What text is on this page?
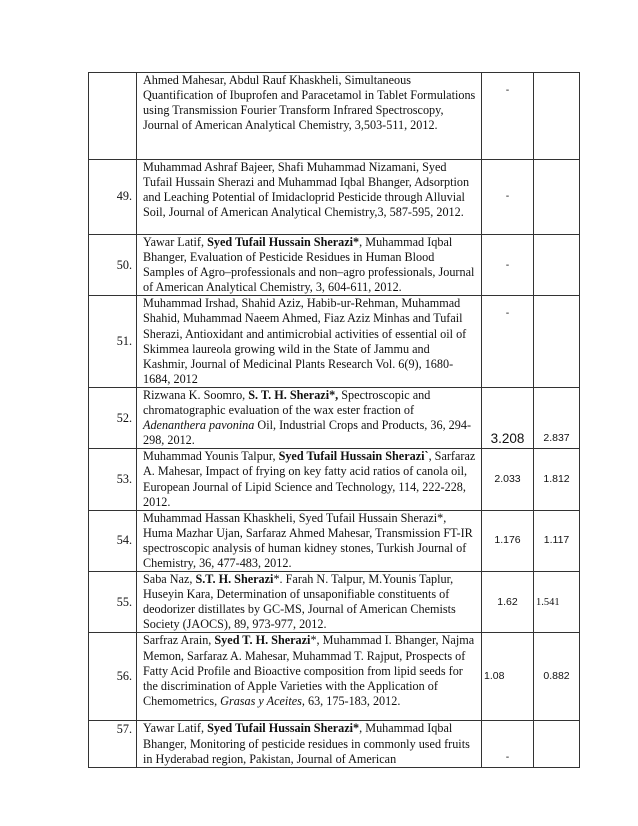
	Ahmed Mahesar, Abdul Rauf Khaskheli, Simultaneous Quantification of Ibuprofen and Paracetamol in Tablet Formulations using Transmission Fourier Transform Infrared Spectroscopy, Journal of American Analytical Chemistry, 3,503-511, 2012.	-	
49.	Muhammad Ashraf Bajeer, Shafi Muhammad Nizamani, Syed Tufail Hussain Sherazi and Muhammad Iqbal Bhanger, Adsorption and Leaching Potential of Imidacloprid Pesticide through Alluvial Soil, Journal of American Analytical Chemistry,3, 587-595, 2012.	-	
50.	Yawar Latif, Syed Tufail Hussain Sherazi*, Muhammad Iqbal Bhanger, Evaluation of Pesticide Residues in Human Blood Samples of Agro–professionals and non–agro professionals, Journal of American Analytical Chemistry, 3, 604-611, 2012.	-	
51.	Muhammad Irshad, Shahid Aziz, Habib-ur-Rehman, Muhammad Shahid, Muhammad Naeem Ahmed, Fiaz Aziz Minhas and Tufail Sherazi, Antioxidant and antimicrobial activities of essential oil of Skimmea laureola growing wild in the State of Jammu and Kashmir, Journal of Medicinal Plants Research Vol. 6(9), 1680-1684, 2012	-	
52.	Rizwana K. Soomro, S. T. H. Sherazi*, Spectroscopic and chromatographic evaluation of the wax ester fraction of Adenanthera pavonina Oil, Industrial Crops and Products, 36, 294-298, 2012.	3.208	2.837
53.	Muhammad Younis Talpur, Syed Tufail Hussain Sherazi`, Sarfaraz A. Mahesar, Impact of frying on key fatty acid ratios of canola oil, European Journal of Lipid Science and Technology, 114, 222-228, 2012.	2.033	1.812
54.	Muhammad Hassan Khaskheli, Syed Tufail Hussain Sherazi*, Huma Mazhar Ujan, Sarfaraz Ahmed Mahesar, Transmission FT-IR spectroscopic analysis of human kidney stones, Turkish Journal of Chemistry, 36, 477-483, 2012.	1.176	1.117
55.	Saba Naz, S.T. H. Sherazi*. Farah N. Talpur, M.Younis Taplur, Huseyin Kara, Determination of unsaponifiable constituents of deodorizer distillates by GC-MS, Journal of American Chemists Society (JAOCS), 89, 973-977, 2012.	1.62	1.541
56.	Sarfraz Arain, Syed T. H. Sherazi*, Muhammad I. Bhanger, Najma Memon, Sarfaraz A. Mahesar, Muhammad T. Rajput, Prospects of Fatty Acid Profile and Bioactive composition from lipid seeds for the discrimination of Apple Varieties with the Application of Chemometrics, Grasas y Aceites, 63, 175-183, 2012.	1.08	0.882
57.	Yawar Latif, Syed Tufail Hussain Sherazi*, Muhammad Iqbal Bhanger, Monitoring of pesticide residues in commonly used fruits in Hyderabad region, Pakistan, Journal of American	-	
